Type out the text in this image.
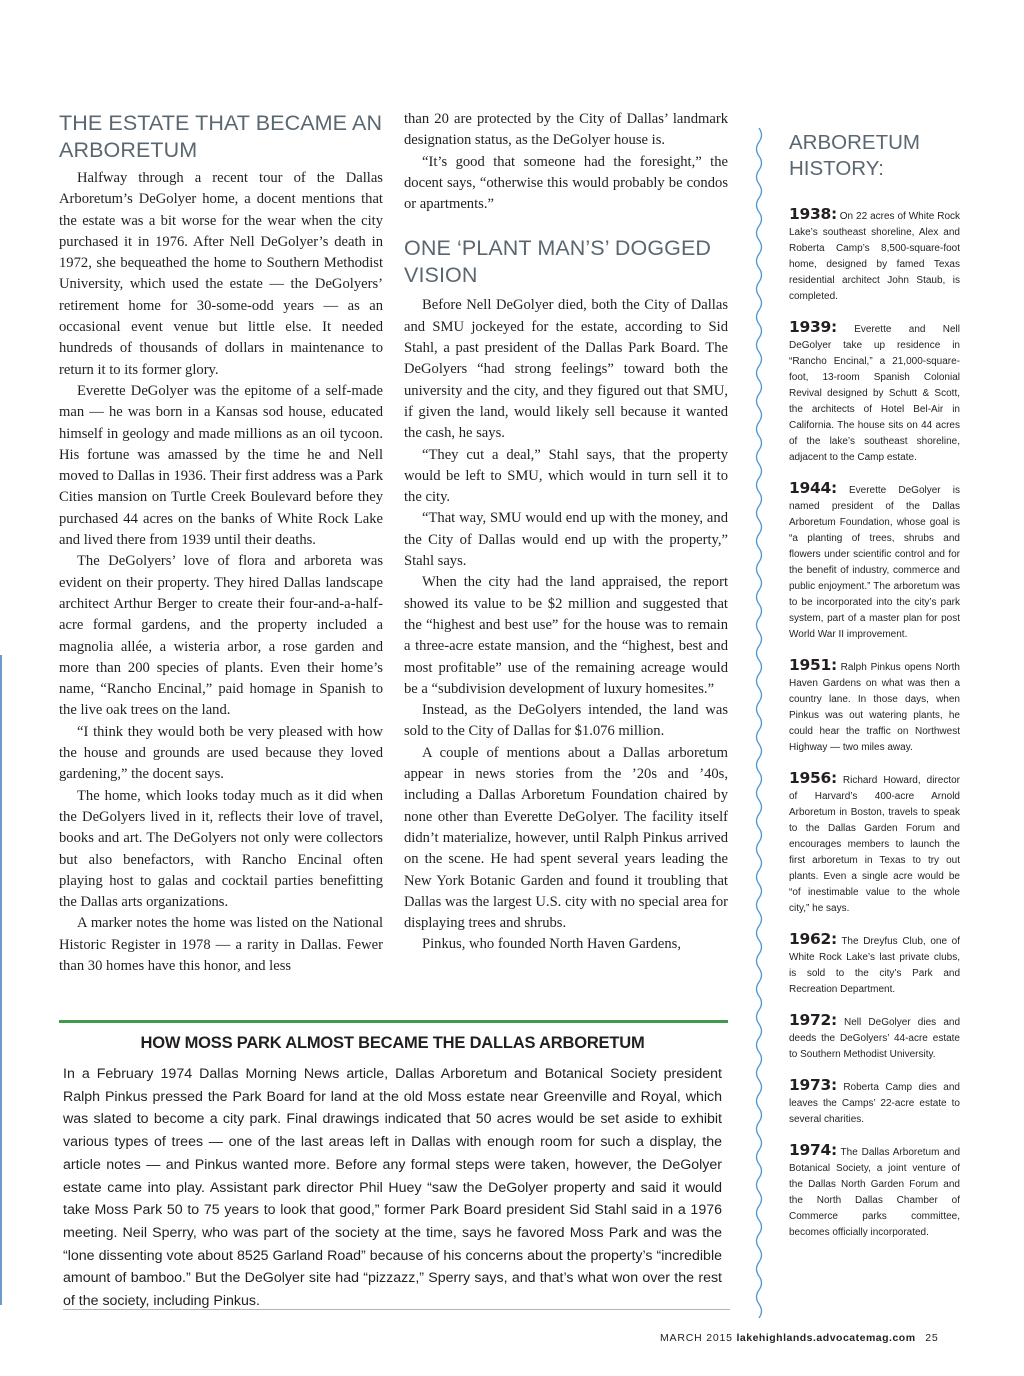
THE ESTATE THAT BECAME AN ARBORETUM

Halfway through a recent tour of the Dallas Arboretum’s DeGolyer home, a docent mentions that the estate was a bit worse for the wear when the city purchased it in 1976. After Nell DeGolyer’s death in 1972, she bequeathed the home to Southern Methodist University, which used the estate — the DeGolyers’ retirement home for 30-some-odd years — as an occasional event venue but little else. It needed hundreds of thousands of dollars in maintenance to return it to its former glory.

Everette DeGolyer was the epitome of a self-made man — he was born in a Kansas sod house, educated himself in geology and made millions as an oil tycoon. His fortune was amassed by the time he and Nell moved to Dallas in 1936. Their first address was a Park Cities mansion on Turtle Creek Boulevard before they purchased 44 acres on the banks of White Rock Lake and lived there from 1939 until their deaths.

The DeGolyers’ love of flora and arboreta was evident on their property. They hired Dallas landscape architect Arthur Berger to create their four-and-a-half-acre formal gardens, and the property included a magnolia allée, a wisteria arbor, a rose garden and more than 200 species of plants. Even their home’s name, “Rancho Encinal,” paid homage in Spanish to the live oak trees on the land.

“I think they would both be very pleased with how the house and grounds are used because they loved gardening,” the docent says.

The home, which looks today much as it did when the DeGolyers lived in it, reflects their love of travel, books and art. The DeGolyers not only were collectors but also benefactors, with Rancho Encinal often playing host to galas and cocktail parties benefitting the Dallas arts organizations.

A marker notes the home was listed on the National Historic Register in 1978 — a rarity in Dallas. Fewer than 30 homes have this honor, and less

than 20 are protected by the City of Dallas’ landmark designation status, as the DeGolyer house is.

“It’s good that someone had the foresight,” the docent says, “otherwise this would probably be condos or apartments.”

ONE ‘PLANT MAN’S’ DOGGED VISION

Before Nell DeGolyer died, both the City of Dallas and SMU jockeyed for the estate, according to Sid Stahl, a past president of the Dallas Park Board. The DeGolyers “had strong feelings” toward both the university and the city, and they figured out that SMU, if given the land, would likely sell because it wanted the cash, he says.

“They cut a deal,” Stahl says, that the property would be left to SMU, which would in turn sell it to the city.

“That way, SMU would end up with the money, and the City of Dallas would end up with the property,” Stahl says.

When the city had the land appraised, the report showed its value to be $2 million and suggested that the “highest and best use” for the house was to remain a three-acre estate mansion, and the “highest, best and most profitable” use of the remaining acreage would be a “subdivision development of luxury homesites.”

Instead, as the DeGolyers intended, the land was sold to the City of Dallas for $1.076 million.

A couple of mentions about a Dallas arboretum appear in news stories from the ’20s and ’40s, including a Dallas Arboretum Foundation chaired by none other than Everette DeGolyer. The facility itself didn’t materialize, however, until Ralph Pinkus arrived on the scene. He had spent several years leading the New York Botanic Garden and found it troubling that Dallas was the largest U.S. city with no special area for displaying trees and shrubs.

Pinkus, who founded North Haven Gardens,

HOW MOSS PARK ALMOST BECAME THE DALLAS ARBORETUM
In a February 1974 Dallas Morning News article, Dallas Arboretum and Botanical Society president Ralph Pinkus pressed the Park Board for land at the old Moss estate near Greenville and Royal, which was slated to become a city park. Final drawings indicated that 50 acres would be set aside to exhibit various types of trees — one of the last areas left in Dallas with enough room for such a display, the article notes — and Pinkus wanted more. Before any formal steps were taken, however, the DeGolyer estate came into play. Assistant park director Phil Huey “saw the DeGolyer property and said it would take Moss Park 50 to 75 years to look that good,” former Park Board president Sid Stahl said in a 1976 meeting. Neil Sperry, who was part of the society at the time, says he favored Moss Park and was the “lone dissenting vote about 8525 Garland Road” because of his concerns about the property’s “incredible amount of bamboo.” But the DeGolyer site had “pizzazz,” Sperry says, and that’s what won over the rest of the society, including Pinkus.
ARBORETUM HISTORY:
1938: On 22 acres of White Rock Lake’s southeast shoreline, Alex and Roberta Camp’s 8,500-square-foot home, designed by famed Texas residential architect John Staub, is completed.
1939: Everette and Nell DeGolyer take up residence in “Rancho Encinal,” a 21,000-square-foot, 13-room Spanish Colonial Revival designed by Schutt & Scott, the architects of Hotel Bel-Air in California. The house sits on 44 acres of the lake’s southeast shoreline, adjacent to the Camp estate.
1944: Everette DeGolyer is named president of the Dallas Arboretum Foundation, whose goal is “a planting of trees, shrubs and flowers under scientific control and for the benefit of industry, commerce and public enjoyment.” The arboretum was to be incorporated into the city’s park system, part of a master plan for post World War II improvement.
1951: Ralph Pinkus opens North Haven Gardens on what was then a country lane. In those days, when Pinkus was out watering plants, he could hear the traffic on Northwest Highway — two miles away.
1956: Richard Howard, director of Harvard’s 400-acre Arnold Arboretum in Boston, travels to speak to the Dallas Garden Forum and encourages members to launch the first arboretum in Texas to try out plants. Even a single acre would be “of inestimable value to the whole city,” he says.
1962: The Dreyfus Club, one of White Rock Lake’s last private clubs, is sold to the city’s Park and Recreation Department.
1972: Nell DeGolyer dies and deeds the DeGolyers’ 44-acre estate to Southern Methodist University.
1973: Roberta Camp dies and leaves the Camps’ 22-acre estate to several charities.
1974: The Dallas Arboretum and Botanical Society, a joint venture of the Dallas North Garden Forum and the North Dallas Chamber of Commerce parks committee, becomes officially incorporated.
MARCH 2015 lakehighlands.advocatemag.com 25
